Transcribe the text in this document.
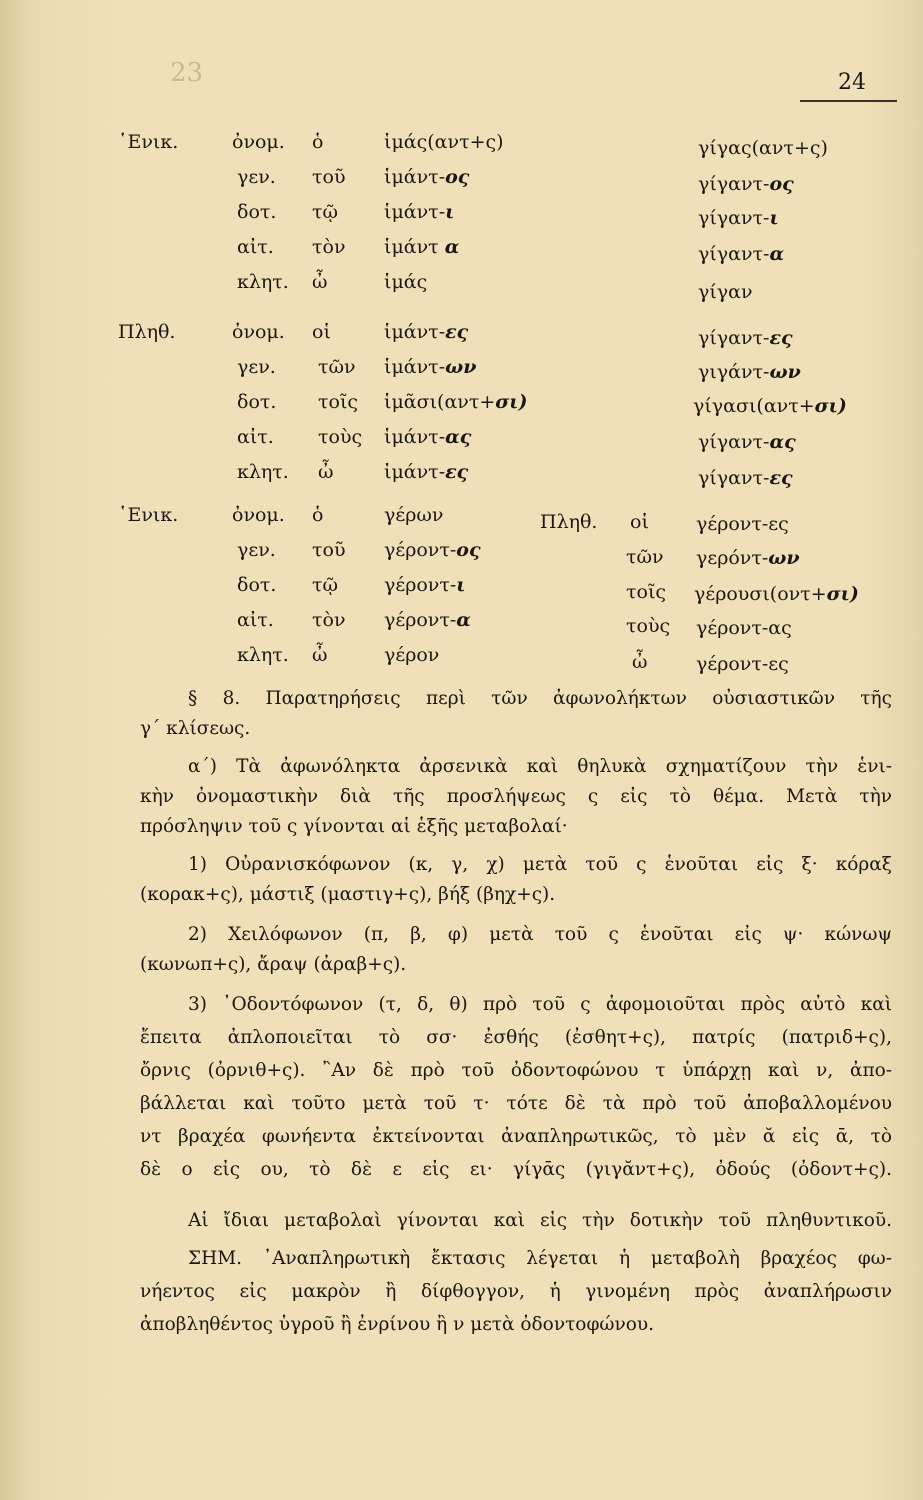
23	24
῾Ενικ.
Πληθ.
ὀνομ. ὁ	ἱμάς(αντ+ς)	γίγας(αντ+ς)
γεν. τοῦ ἱμάντ-ος	γίγαντ-ος
δοτ. τῷ ἱμάντ-ι	γίγαντ-ι
αἰτ. τὸν ἱμάντ α	γίγαντ-α
κλητ. ὦ	ἱμάς	γίγαν
ὀνομ. οἱ	ἱμάντ-ες	γίγαντ-ες
γεν. τῶν ἱμάντ-ων	γιγάντ-ων
δοτ. τοῖς ἱμᾶσι(αντ+σι)	γίγασι(αντ+σι)
αἰτ. τοὺς ἱμάντ-ας	γίγαντ-ας
κλητ. ὦ	ἱμάντ-ες	γίγαντ-ες
῾Ενικ.	Πληθ.
ὀνομ. ὁ	γέρων	οἱ γέροντ-ες
γεν. τοῦ γέροντ-ος	τῶν γερόντ-ων
δοτ. τῷ γέροντ-ι	τοῖς γέρουσι(οντ+σι)
αἰτ. τὸν γέροντ-α	τοὺς γέροντ-ας
κλητ. ὦ	γέρον	ὦ	γέροντ-ες
§ 8. Παρατηρήσεις περὶ τῶν ἀφωνολήκτων οὐσιαστικῶν τῆς
γ΄ κλίσεως.
α΄) Τὰ ἀφωνόληκτα ἀρσενικὰ καὶ θηλυκὰ σχηματίζουν τὴν ἑνι-
κὴν ὀνομαστικὴν διὰ τῆς προσλήψεως ς εἰς τὸ θέμα. Μετὰ τὴν
πρόσληψιν τοῦ ς γίνονται αἱ ἑξῆς μεταβολαί·
1) Οὐρανισκόφωνον (κ, γ, χ) μετὰ τοῦ ς ἑνοῦται εἰς ξ· κόραξ
(κορακ+ς), μάστιξ (μαστιγ+ς), βήξ (βηχ+ς).
2) Χειλόφωνον (π, β, φ) μετὰ τοῦ ς ἑνοῦται εἰς ψ· κώνωψ
(κωνωπ+ς), ἄραψ (ἀραβ+ς).
3) ᾿Οδοντόφωνον (τ, δ, θ) πρὸ τοῦ ς ἀφομοιοῦται πρὸς αὐτὸ καὶ
ἔπειτα ἀπλοποιεῖται τὸ σσ· ἐσθής (ἐσθητ+ς), πατρίς (πατριδ+ς),
ὄρνις (ὀρνιθ+ς). ῍Αν δὲ πρὸ τοῦ ὀδοντοφώνου τ ὑπάρχῃ καὶ ν, ἀπο-
βάλλεται καὶ τοῦτο μετὰ τοῦ τ· τότε δὲ τὰ πρὸ τοῦ ἀποβαλλομένου
ντ βραχέα φωνήεντα ἐκτείνονται ἀναπληρωτικῶς, τὸ μὲν ᾰ εἰς ᾱ, τὸ
δὲ ο εἰς ου, τὸ δὲ ε εἰς ει· γίγᾱς (γιγᾰντ+ς), ὀδούς (ὀδοντ+ς).
Αἱ ἴδιαι μεταβολαὶ γίνονται καὶ εἰς τὴν δοτικὴν τοῦ πληθυντικοῦ.
ΣΗΜ. ᾿Αναπληρωτικὴ ἔκτασις λέγεται ἡ μεταβολὴ βραχέος φω-
νήεντος εἰς μακρὸν ἢ δίφθογγον, ἡ γινομένη πρὸς ἀναπλήρωσιν
ἀποβληθέντος ὑγροῦ ἢ ἐνρίνου ἢ ν μετὰ ὀδοντοφώνου.
